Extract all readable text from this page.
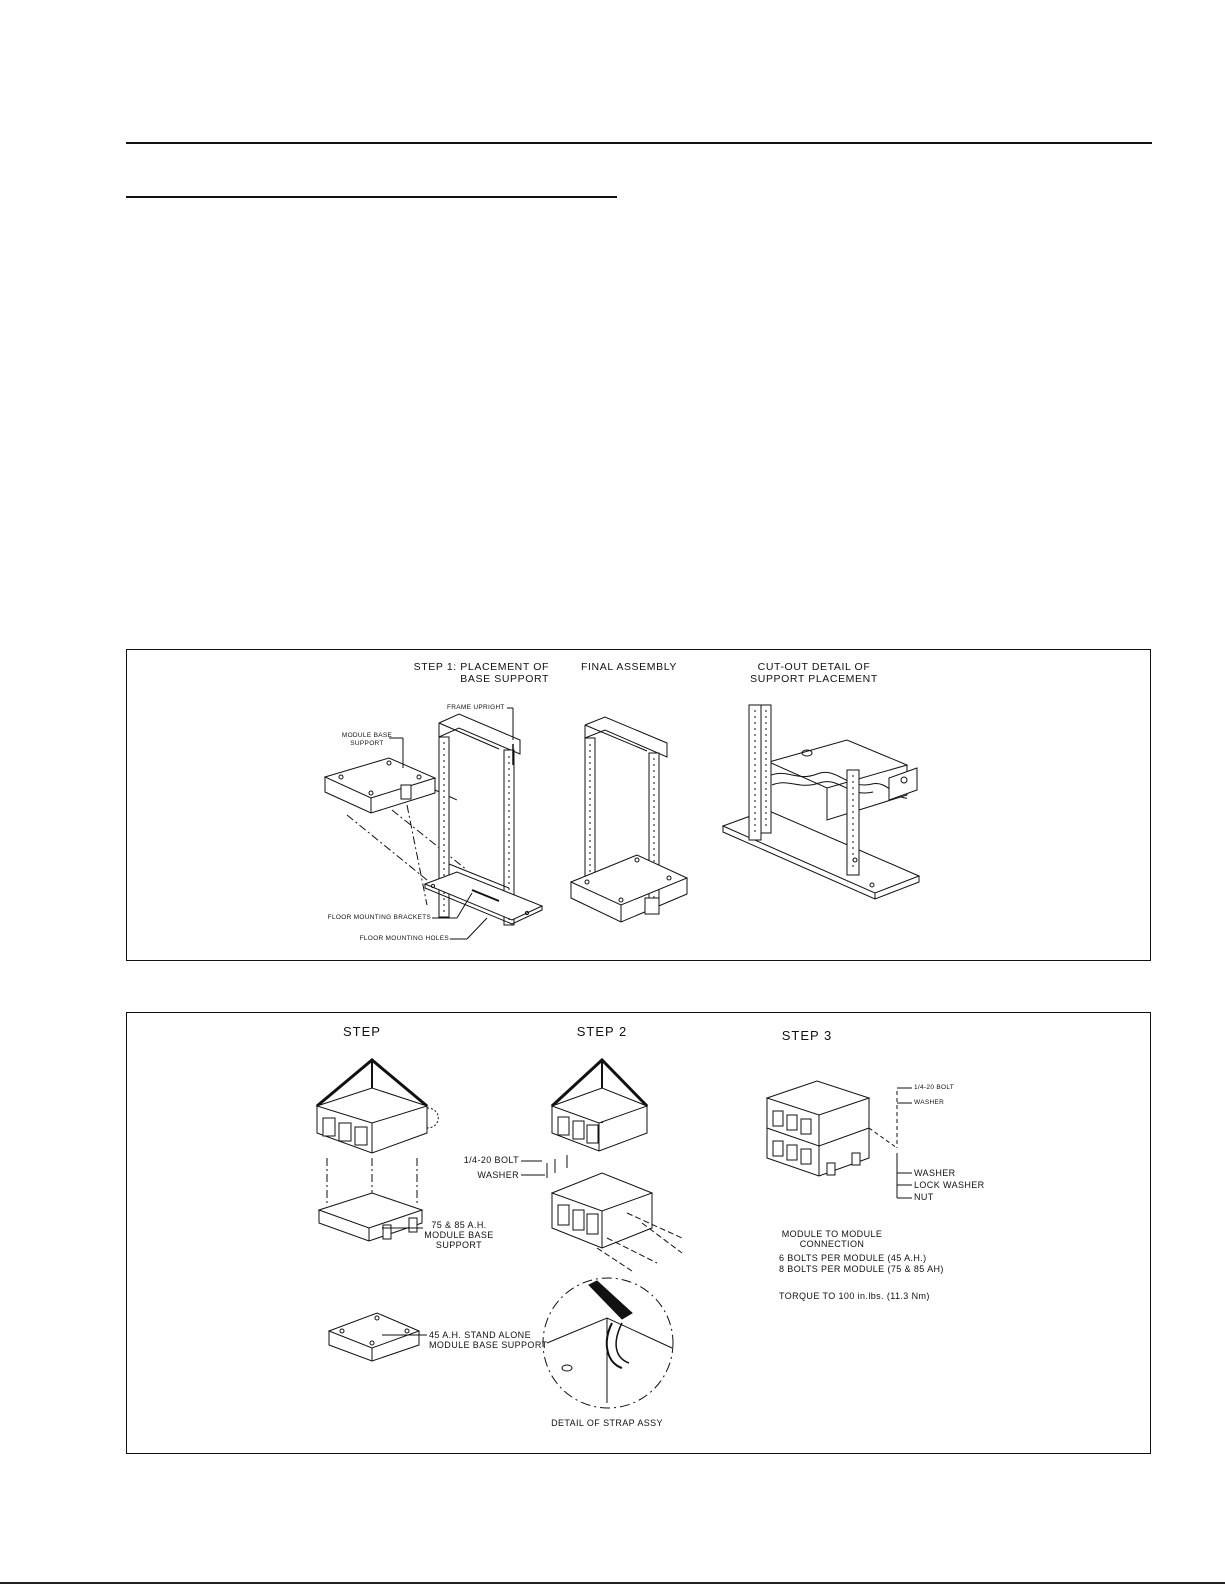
STEP 1: PLACEMENT OF
BASE SUPPORT
FINAL ASSEMBLY	CUT-OUT DETAIL OF
SUPPORT PLACEMENT
FRAME UPRIGHT
MODULE BASE
SUPPORT
FLOOR MOUNTING BRACKETS
FLOOR MOUNTING HOLES
STEP	STEP 2	STEP 3
75 & 85 A.H.
MODULE BASE
SUPPORT
45 A.H. STAND ALONE
MODULE BASE SUPPORT
1/4-20 BOLT
WASHER
DETAIL OF STRAP ASSY
1/4-20 BOLT
WASHER
WASHER
LOCK WASHER
NUT
MODULE TO MODULE
CONNECTION
6 BOLTS PER MODULE (45 A.H.)
8 BOLTS PER MODULE (75 & 85 AH)
TORQUE TO 100 in.lbs. (11.3 Nm)
